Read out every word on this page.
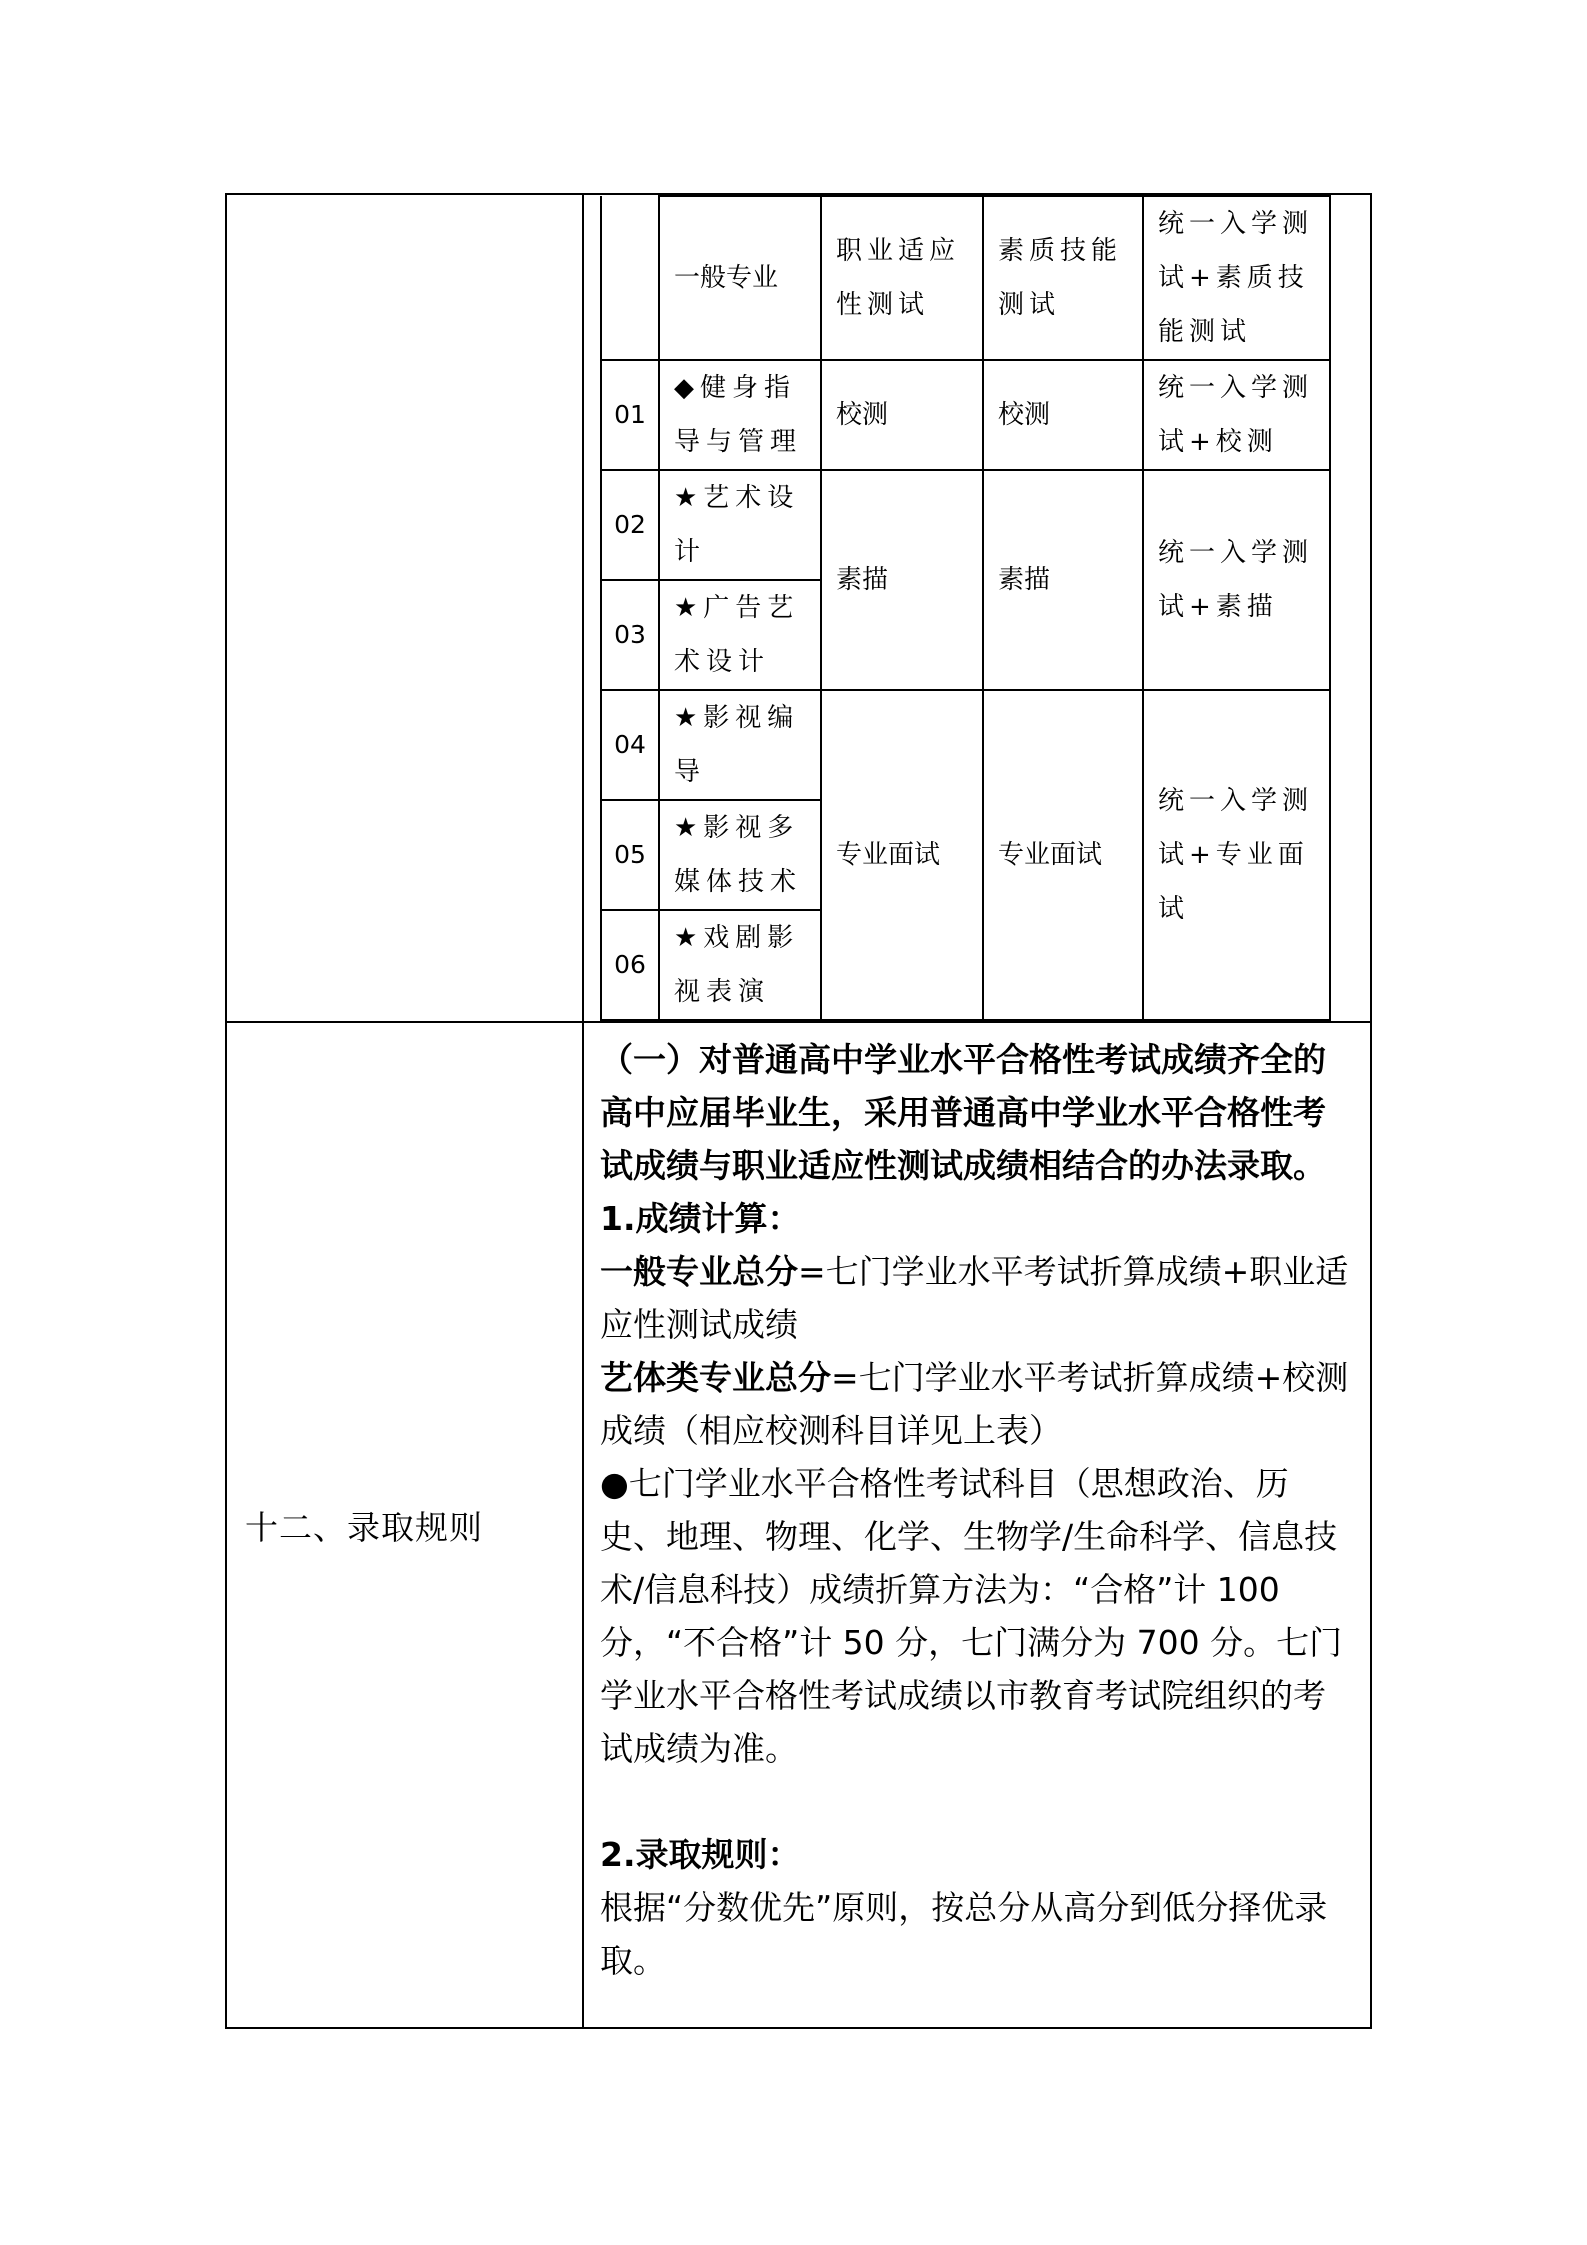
	一般专业	职业适应性测试	素质技能测试	统一入学测试+素质技能测试
01	◆健身指导与管理	校测	校测	统一入学测试+校测
02	★艺术设计	素描	素描	统一入学测试+素描
03	★广告艺术设计
04	★影视编导	专业面试	专业面试	统一入学测试+专业面试
05	★影视多媒体技术
06	★戏剧影视表演

十二、录取规则

（一）对普通高中学业水平合格性考试成绩齐全的高中应届毕业生，采用普通高中学业水平合格性考试成绩与职业适应性测试成绩相结合的办法录取。

1.成绩计算：

一般专业总分=七门学业水平考试折算成绩+职业适应性测试成绩

艺体类专业总分=七门学业水平考试折算成绩+校测成绩（相应校测科目详见上表）

●七门学业水平合格性考试科目（思想政治、历史、地理、物理、化学、生物学/生命科学、信息技术/信息科技）成绩折算方法为：“合格”计 100 分，“不合格”计 50 分，七门满分为 700 分。七门学业水平合格性考试成绩以市教育考试院组织的考试成绩为准。

2.录取规则：

根据“分数优先”原则，按总分从高分到低分择优录取。
